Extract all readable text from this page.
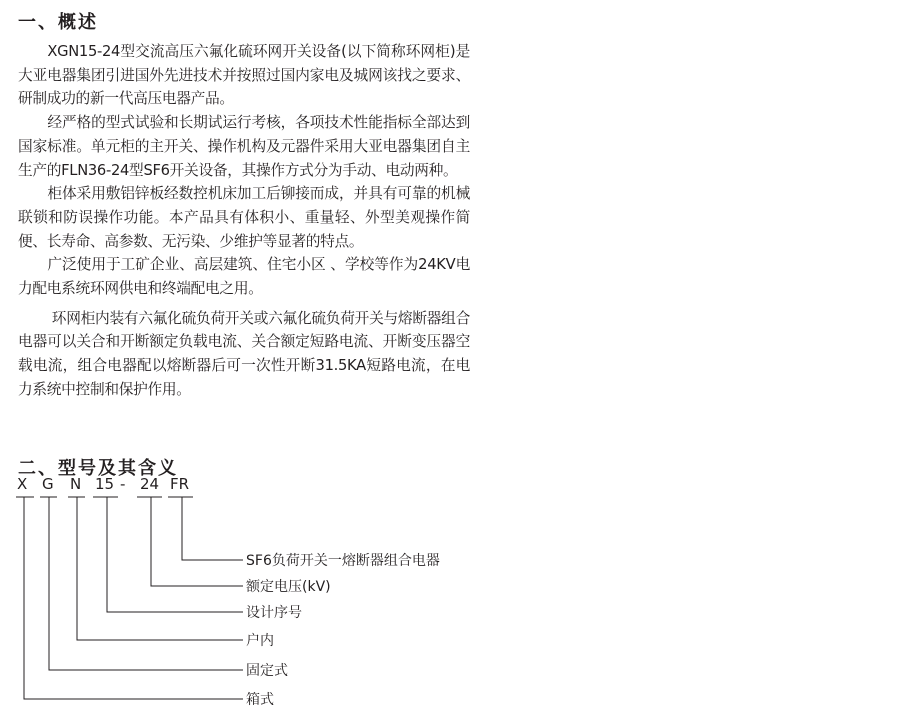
一、概述

XGN15-24型交流高压六氟化硫环网开关设备(以下简称环网柜)是大亚电器集团引进国外先进技术并按照过国内家电及城网该找之要求、研制成功的新一代高压电器产品。

经严格的型式试验和长期试运行考核，各项技术性能指标全部达到国家标准。单元柜的主开关、操作机构及元器件采用大亚电器集团自主生产的FLN36-24型SF6开关设备，其操作方式分为手动、电动两种。

柜体采用敷铝锌板经数控机床加工后铆接而成，并具有可靠的机械联锁和防误操作功能。本产品具有体积小、重量轻、外型美观操作简便、长寿命、高参数、无污染、少维护等显著的特点。

广泛使用于工矿企业、高层建筑、住宅小区 、学校等作为24KV电力配电系统环网供电和终端配电之用。

环网柜内装有六氟化硫负荷开关或六氟化硫负荷开关与熔断器组合电器可以关合和开断额定负载电流、关合额定短路电流、开断变压器空载电流，组合电器配以熔断器后可一次性开断31.5KA短路电流，在电力系统中控制和保护作用。

二、型号及其含义
X G N 15 - 24 FR
SF6负荷开关一熔断器组合电器
额定电压(kV)
设计序号
户内
固定式
箱式
